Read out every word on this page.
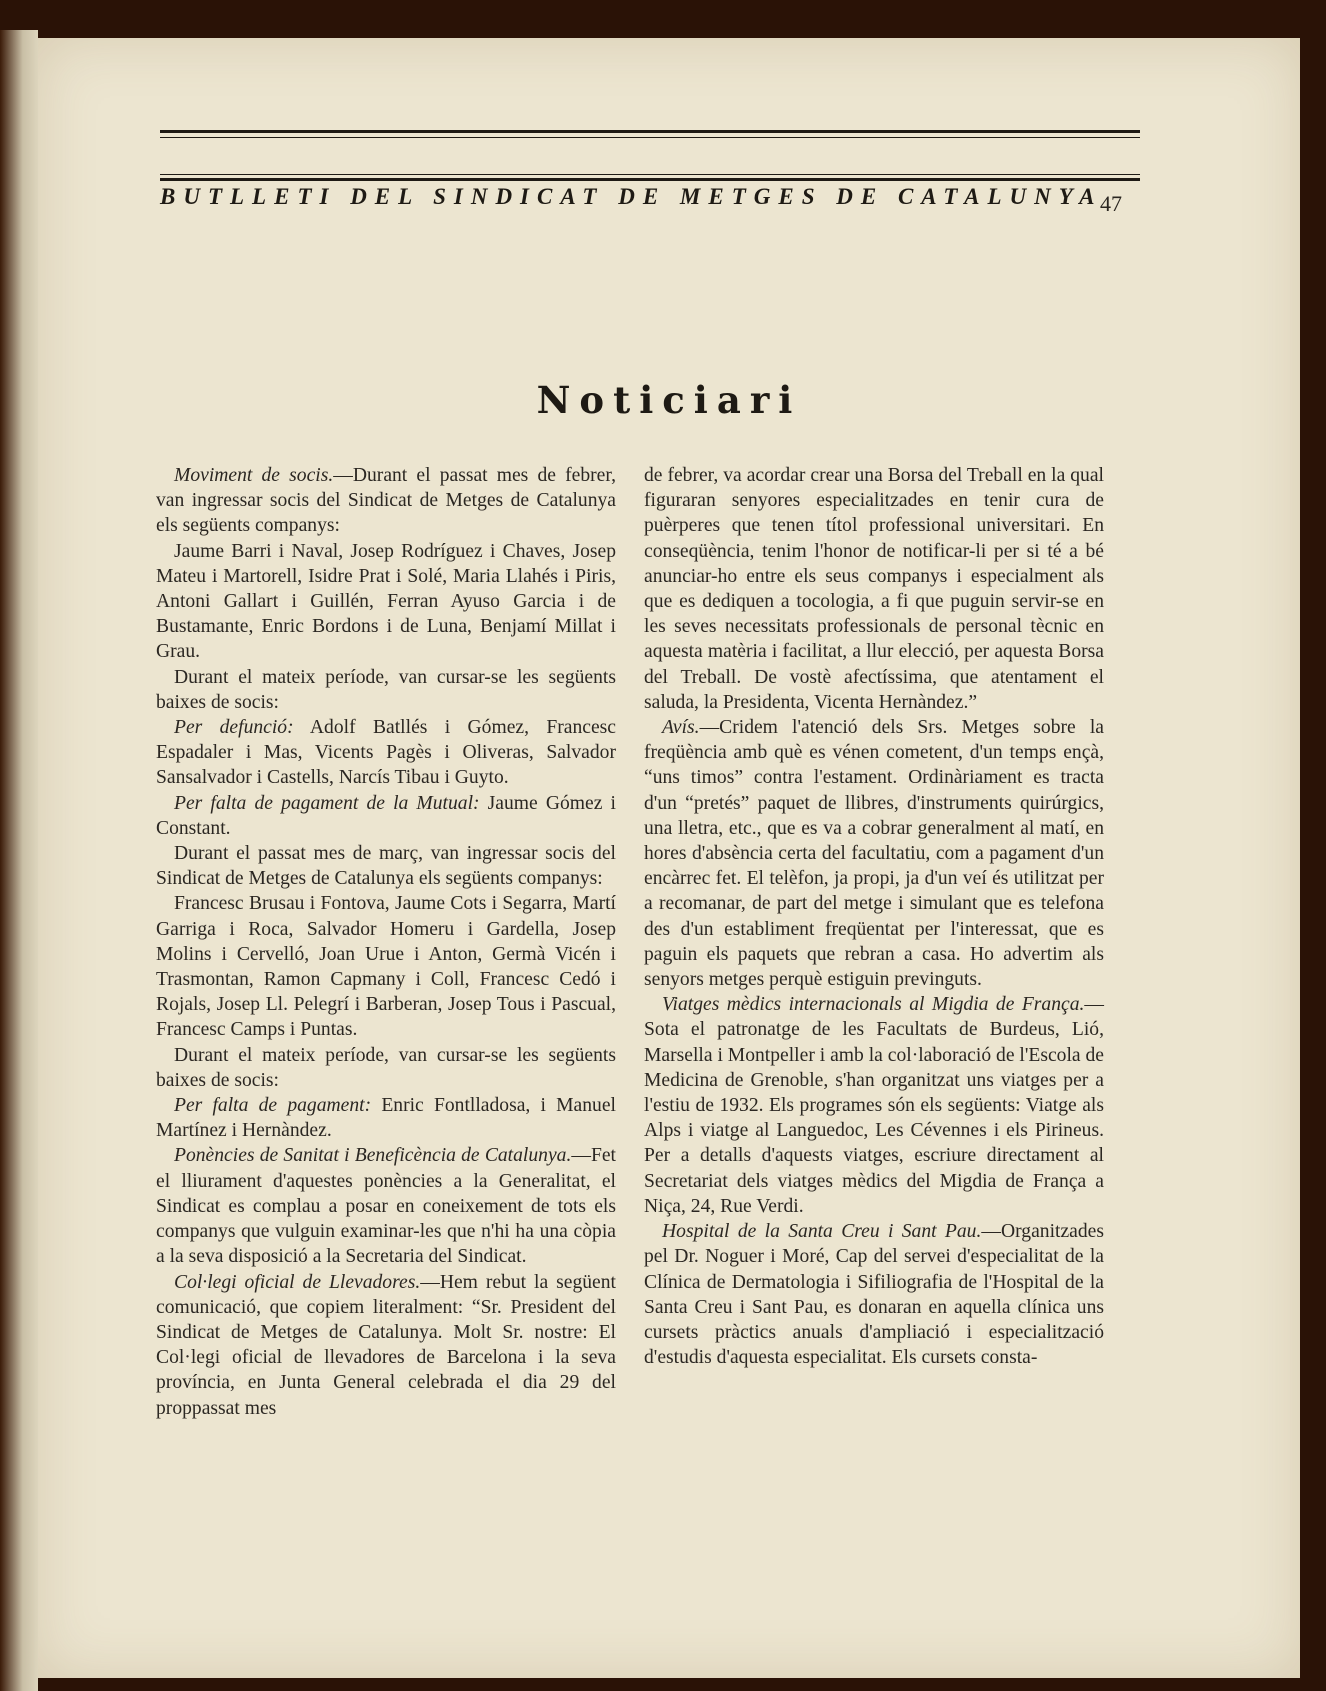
BUTLLETI DEL SINDICAT DE METGES DE CATALUNYA
47
Noticiari

Moviment de socis.—Durant el passat mes de febrer, van ingressar socis del Sindicat de Metges de Catalunya els següents companys:

Jaume Barri i Naval, Josep Rodríguez i Chaves, Josep Mateu i Martorell, Isidre Prat i Solé, Maria Llahés i Piris, Antoni Gallart i Guillén, Ferran Ayuso Garcia i de Bustamante, Enric Bordons i de Luna, Benjamí Millat i Grau.

Durant el mateix període, van cursar-se les següents baixes de socis:

Per defunció: Adolf Batllés i Gómez, Francesc Espadaler i Mas, Vicents Pagès i Oliveras, Salvador Sansalvador i Castells, Narcís Tibau i Guyto.

Per falta de pagament de la Mutual: Jaume Gómez i Constant.

Durant el passat mes de març, van ingressar socis del Sindicat de Metges de Catalunya els següents companys:

Francesc Brusau i Fontova, Jaume Cots i Segarra, Martí Garriga i Roca, Salvador Homeru i Gardella, Josep Molins i Cervelló, Joan Urue i Anton, Germà Vicén i Trasmontan, Ramon Capmany i Coll, Francesc Cedó i Rojals, Josep Ll. Pelegrí i Barberan, Josep Tous i Pascual, Francesc Camps i Puntas.

Durant el mateix període, van cursar-se les següents baixes de socis:

Per falta de pagament: Enric Fontlladosa, i Manuel Martínez i Hernàndez.

Ponències de Sanitat i Beneficència de Catalunya.—Fet el lliurament d'aquestes ponències a la Generalitat, el Sindicat es complau a posar en coneixement de tots els companys que vulguin examinar-les que n'hi ha una còpia a la seva disposició a la Secretaria del Sindicat.

Col·legi oficial de Llevadores.—Hem rebut la següent comunicació, que copiem literalment: “Sr. President del Sindicat de Metges de Catalunya. Molt Sr. nostre: El Col·legi oficial de llevadores de Barcelona i la seva província, en Junta General celebrada el dia 29 del proppassat mes

de febrer, va acordar crear una Borsa del Treball en la qual figuraran senyores especialitzades en tenir cura de puèrperes que tenen títol professional universitari. En conseqüència, tenim l'honor de notificar-li per si té a bé anunciar-ho entre els seus companys i especialment als que es dediquen a tocologia, a fi que puguin servir-se en les seves necessitats professionals de personal tècnic en aquesta matèria i facilitat, a llur elecció, per aquesta Borsa del Treball. De vostè afectíssima, que atentament el saluda, la Presidenta, Vicenta Hernàndez.”

Avís.—Cridem l'atenció dels Srs. Metges sobre la freqüència amb què es vénen cometent, d'un temps ençà, “uns timos” contra l'estament. Ordinàriament es tracta d'un “pretés” paquet de llibres, d'instruments quirúrgics, una lletra, etc., que es va a cobrar generalment al matí, en hores d'absència certa del facultatiu, com a pagament d'un encàrrec fet. El telèfon, ja propi, ja d'un veí és utilitzat per a recomanar, de part del metge i simulant que es telefona des d'un establiment freqüentat per l'interessat, que es paguin els paquets que rebran a casa. Ho advertim als senyors metges perquè estiguin previnguts.

Viatges mèdics internacionals al Migdia de França.—Sota el patronatge de les Facultats de Burdeus, Lió, Marsella i Montpeller i amb la col·laboració de l'Escola de Medicina de Grenoble, s'han organitzat uns viatges per a l'estiu de 1932. Els programes són els següents: Viatge als Alps i viatge al Languedoc, Les Cévennes i els Pirineus. Per a detalls d'aquests viatges, escriure directament al Secretariat dels viatges mèdics del Migdia de França a Niça, 24, Rue Verdi.

Hospital de la Santa Creu i Sant Pau.—Organitzades pel Dr. Noguer i Moré, Cap del servei d'especialitat de la Clínica de Dermatologia i Sifiliografia de l'Hospital de la Santa Creu i Sant Pau, es donaran en aquella clínica uns cursets pràctics anuals d'ampliació i especialització d'estudis d'aquesta especialitat. Els cursets consta-
